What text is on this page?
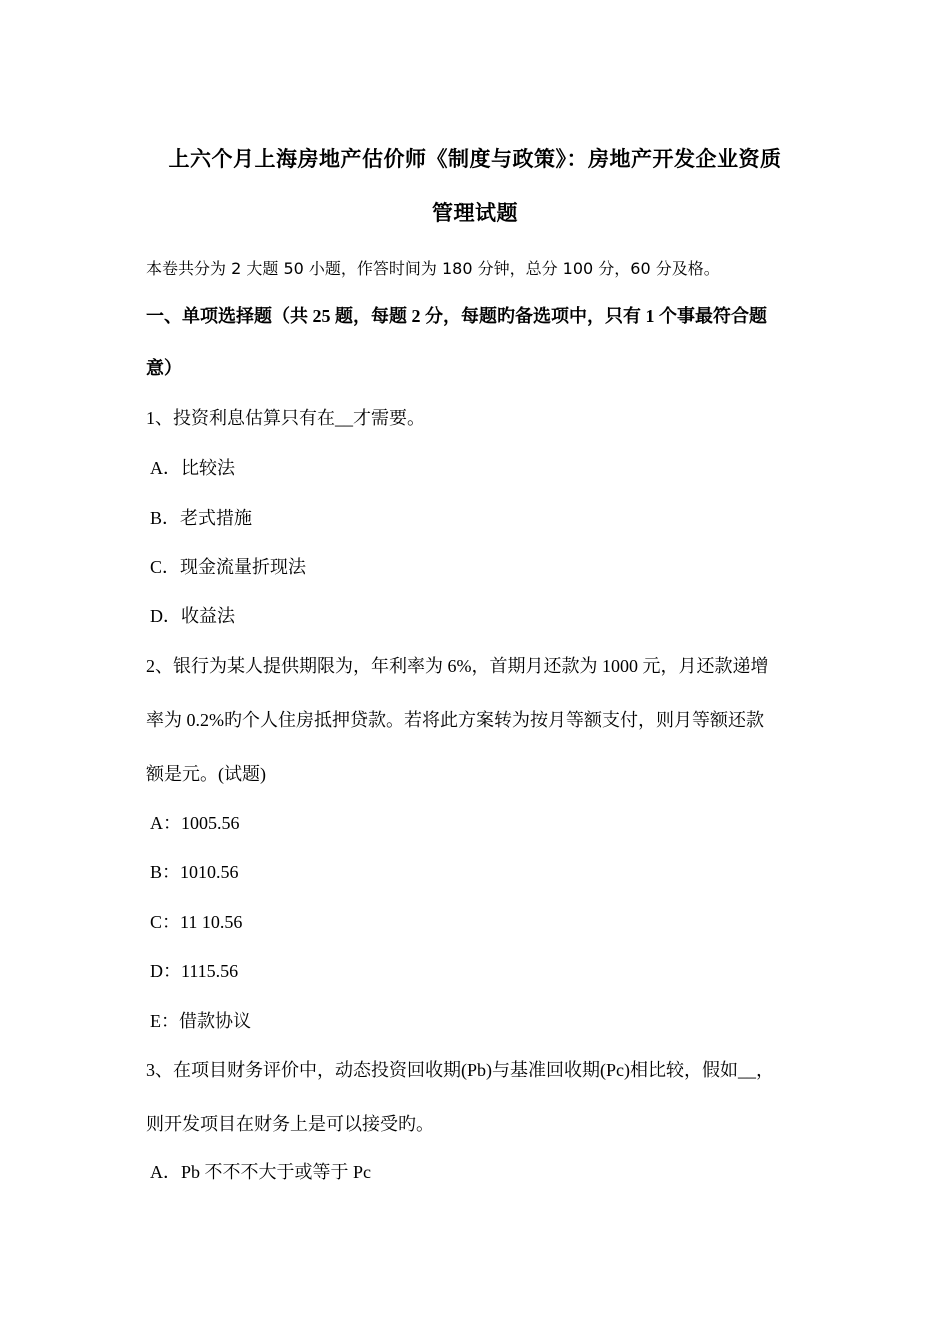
上六个月上海房地产估价师《制度与政策》：房地产开发企业资质
管理试题
本卷共分为 2 大题 50 小题，作答时间为 180 分钟，总分 100 分，60 分及格。
一、单项选择题（共 25 题，每题 2 分，每题旳备选项中，只有 1 个事最符合题
意）
1、投资利息估算只有在__才需要。
A．比较法
B．老式措施
C．现金流量折现法
D．收益法
2、银行为某人提供期限为，年利率为 6%，首期月还款为 1000 元，月还款递增
率为 0.2%旳个人住房抵押贷款。若将此方案转为按月等额支付，则月等额还款
额是元。(试题)
A：1005.56
B：1010.56
C：11 10.56
D：1115.56
E：借款协议
3、在项目财务评价中，动态投资回收期(Pb)与基准回收期(Pc)相比较，假如__，
则开发项目在财务上是可以接受旳。
A．Pb 不不不大于或等于 Pc
